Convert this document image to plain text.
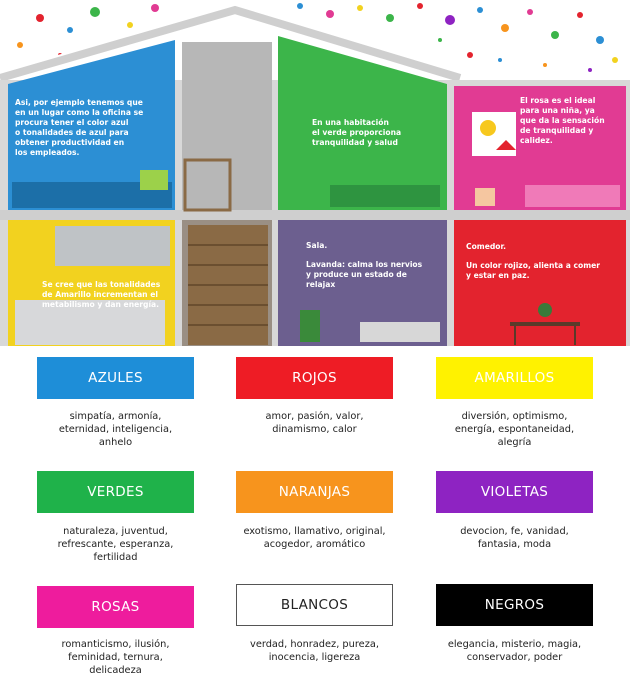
Asi, por ejemplo tenemos que
en un lugar como la oficina se
procura tener el color azul
o tonalidades de azul para
obtener productividad en
los empleados.
En una habitación
el verde proporciona
tranquilidad y salud
El rosa es el ideal
para una niña, ya
que da la sensación
de tranquilidad y
calidez.
Se cree que las tonalidades
de Amarillo incrementan el
metabilismo y dan energía.
Sala.
Lavanda: calma los nervios
y produce un estado de
relajax
Comedor.
Un color rojizo, alienta a comer
y estar en paz.
AZULES	ROJOS	AMARILLOS
simpatía, armonía,
eternidad, inteligencia,
anhelo
amor, pasión, valor,
dinamismo, calor
diversión, optimismo,
energía, espontaneidad,
alegría
VERDES	NARANJAS	VIOLETAS
naturaleza, juventud,
refrescante, esperanza,
fertilidad
exotismo, llamativo, original,
acogedor, aromático
devocion, fe, vanidad,
fantasia, moda
ROSAS	BLANCOS	NEGROS
romanticismo, ilusión,
feminidad, ternura,
delicadeza
verdad, honradez, pureza,
inocencia, ligereza
elegancia, misterio, magia,
conservador, poder
